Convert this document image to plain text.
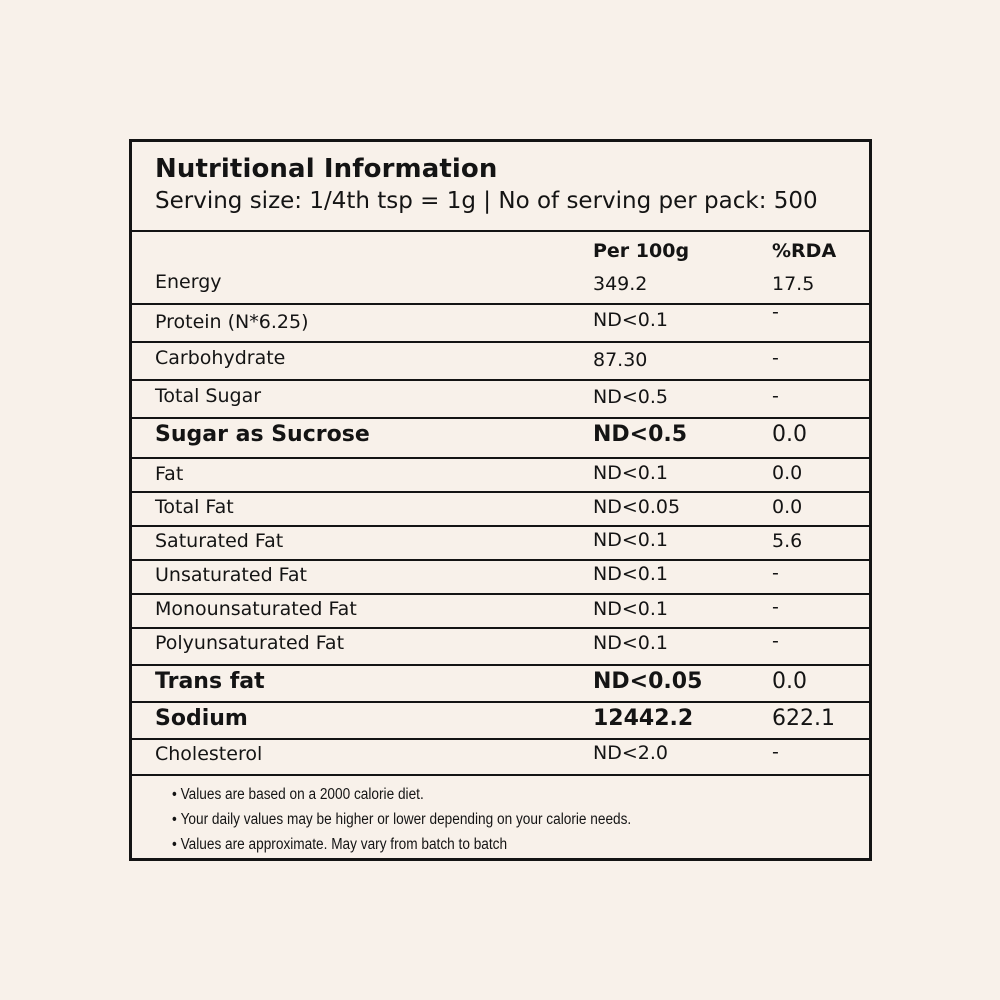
Nutritional Information
Serving size: 1/4th tsp = 1g | No of serving per pack: 500
Per 100g	%RDA
Energy	349.2	17.5
Protein (N*6.25)	ND<0.1	-
Carbohydrate	87.30	-
Total Sugar	ND<0.5	-
Sugar as Sucrose	ND<0.5	0.0
Fat	ND<0.1	0.0
Total Fat	ND<0.05	0.0
Saturated Fat	ND<0.1	5.6
Unsaturated Fat	ND<0.1	-
Monounsaturated Fat	ND<0.1	-
Polyunsaturated Fat	ND<0.1	-
Trans fat	ND<0.05	0.0
Sodium	12442.2	622.1
Cholesterol	ND<2.0	-
• Values are based on a 2000 calorie diet.
• Your daily values may be higher or lower depending on your calorie needs.
• Values are approximate. May vary from batch to batch
